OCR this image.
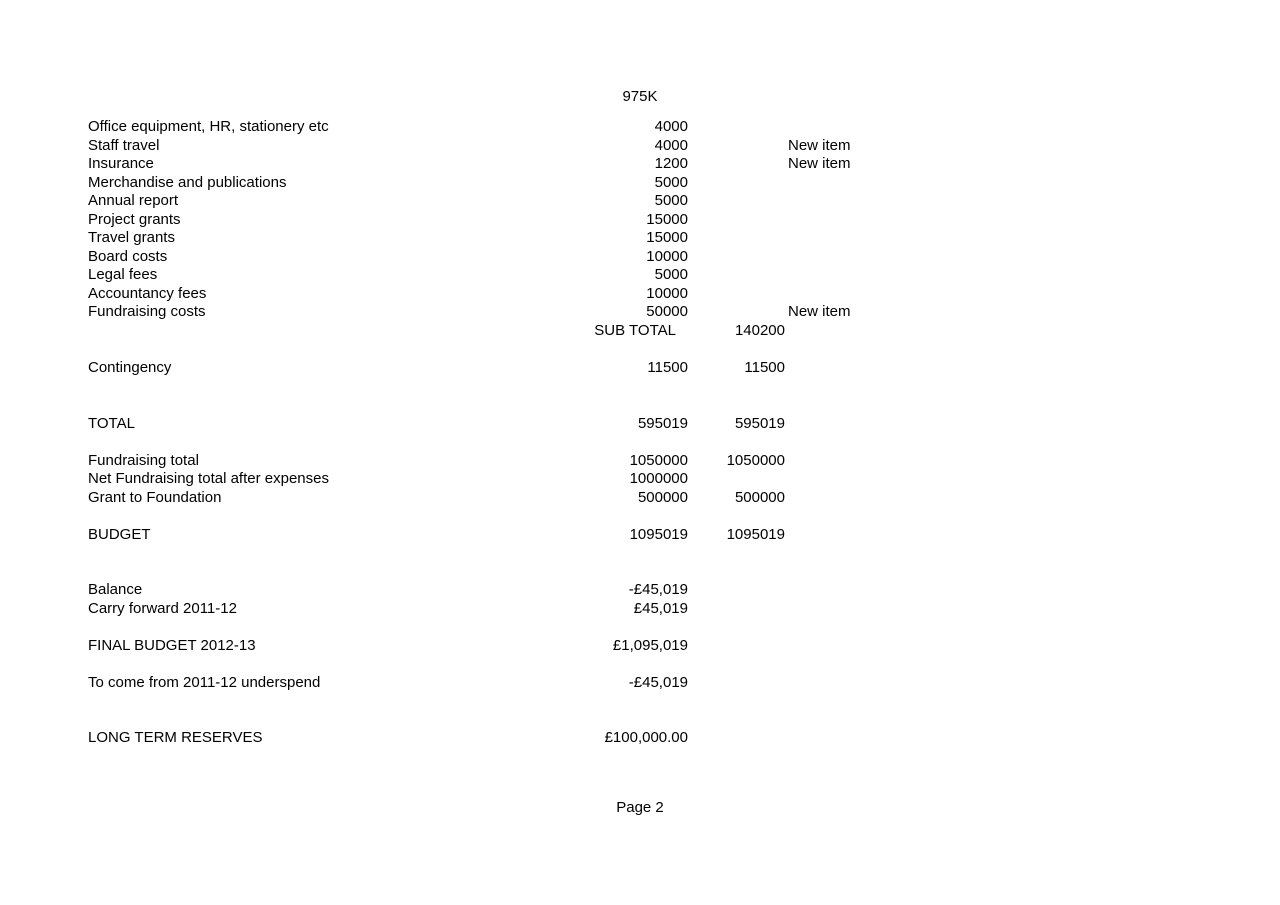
975K
Office equipment, HR, stationery etc	4000
Staff travel	4000	New item
Insurance	1200	New item
Merchandise and publications	5000
Annual report	5000
Project grants	15000
Travel grants	15000
Board costs	10000
Legal fees	5000
Accountancy fees	10000
Fundraising costs	50000	New item
SUB TOTAL	140200
Contingency	11500	11500
TOTAL	595019	595019
Fundraising total	1050000	1050000
Net Fundraising total after expenses	1000000
Grant to Foundation	500000	500000
BUDGET	1095019	1095019
Balance	-£45,019
Carry forward 2011-12	£45,019
FINAL BUDGET 2012-13	£1,095,019
To come from 2011-12 underspend	-£45,019
LONG TERM RESERVES	£100,000.00
Page 2
